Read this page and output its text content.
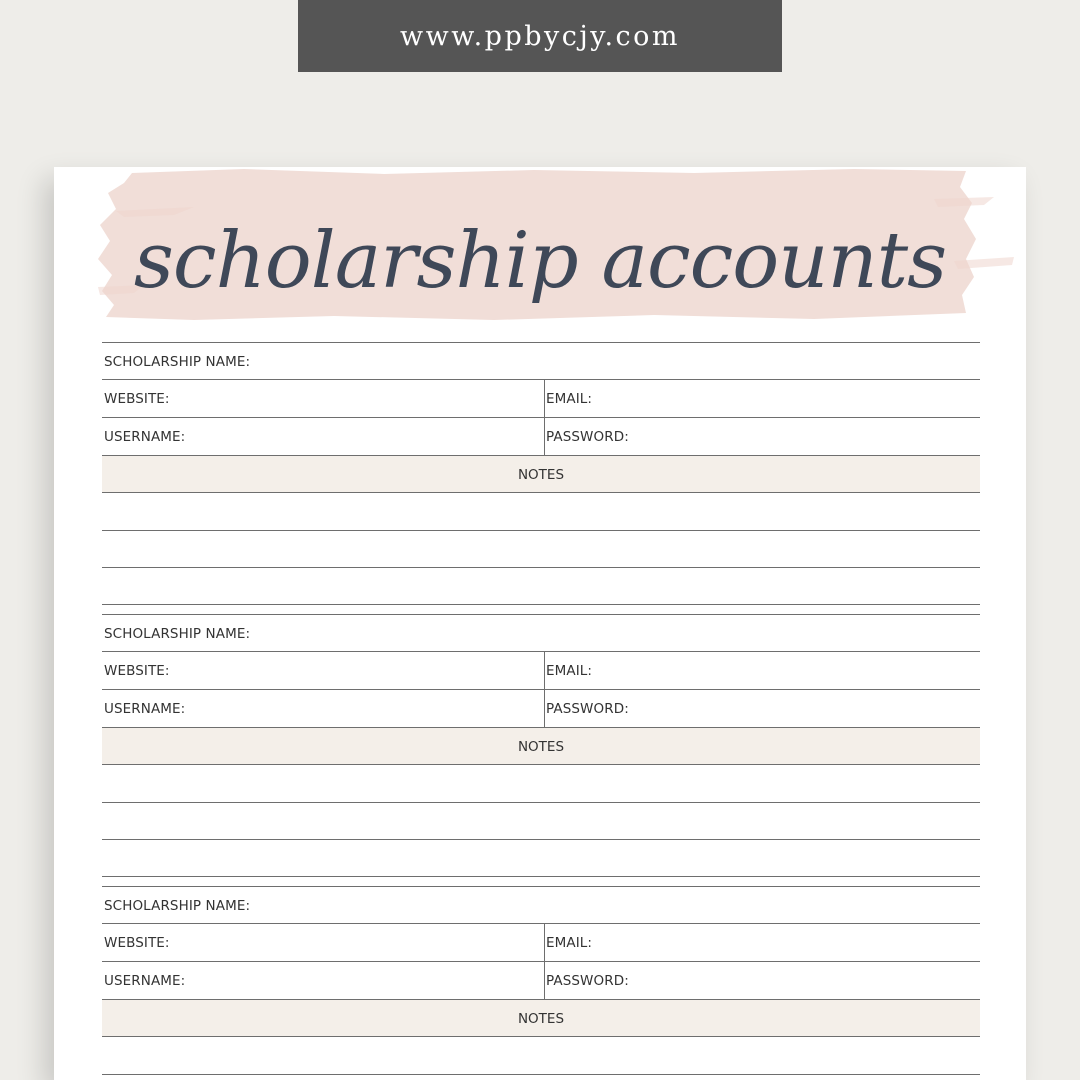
www.ppbycjy.com
scholarship accounts
SCHOLARSHIP NAME:
WEBSITE:	EMAIL:
USERNAME:	PASSWORD:
NOTES
SCHOLARSHIP NAME:
WEBSITE:	EMAIL:
USERNAME:	PASSWORD:
NOTES
SCHOLARSHIP NAME:
WEBSITE:	EMAIL:
USERNAME:	PASSWORD:
NOTES
